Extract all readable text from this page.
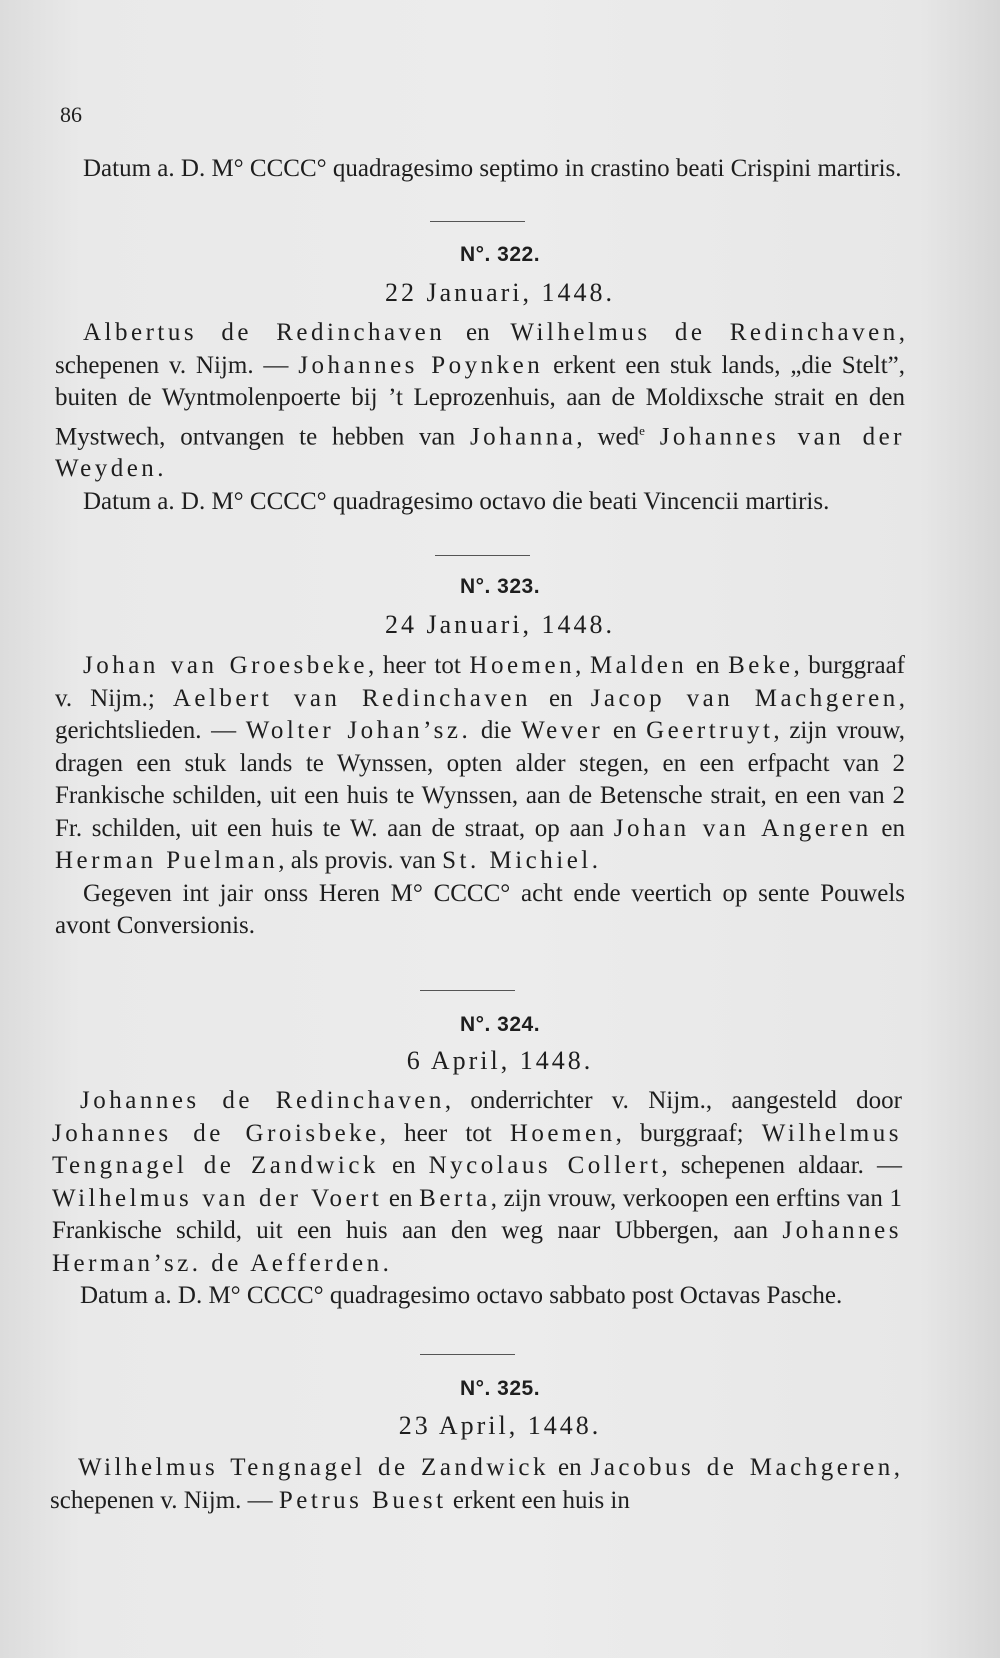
86

Datum a. D. M° CCCC° quadragesimo septimo in crastino beati Crispini martiris.

N°. 322.
22 Januari, 1448.

Albertus de Redinchaven en Wilhelmus de Redinchaven, schepenen v. Nijm. — Johannes Poynken erkent een stuk lands, „die Stelt”, buiten de Wyntmolenpoerte bij ’t Leprozenhuis, aan de Moldixsche strait en den Mystwech, ontvangen te hebben van Johanna, wed$^e$ Johannes van der Weyden.

Datum a. D. M° CCCC° quadragesimo octavo die beati Vincencii martiris.

N°. 323.
24 Januari, 1448.

Johan van Groesbeke, heer tot Hoemen, Malden en Beke, burggraaf v. Nijm.; Aelbert van Redinchaven en Jacop van Machgeren, gerichtslieden. — Wolter Johan’sz. die Wever en Geertruyt, zijn vrouw, dragen een stuk lands te Wynssen, opten alder stegen, en een erfpacht van 2 Frankische schilden, uit een huis te Wynssen, aan de Betensche strait, en een van 2 Fr. schilden, uit een huis te W. aan de straat, op aan Johan van Angeren en Herman Puelman, als provis. van St. Michiel.

Gegeven int jair onss Heren M° CCCC° acht ende veertich op sente Pouwels avont Conversionis.

N°. 324.
6 April, 1448.

Johannes de Redinchaven, onderrichter v. Nijm., aangesteld door Johannes de Groisbeke, heer tot Hoemen, burggraaf; Wilhelmus Tengnagel de Zandwick en Nycolaus Collert, schepenen aldaar. — Wilhelmus van der Voert en Berta, zijn vrouw, verkoopen een erftins van 1 Frankische schild, uit een huis aan den weg naar Ubbergen, aan Johannes Herman’sz. de Aefferden.

Datum a. D. M° CCCC° quadragesimo octavo sabbato post Octavas Pasche.

N°. 325.
23 April, 1448.

Wilhelmus Tengnagel de Zandwick en Jacobus de Machgeren, schepenen v. Nijm. — Petrus Buest erkent een huis in
